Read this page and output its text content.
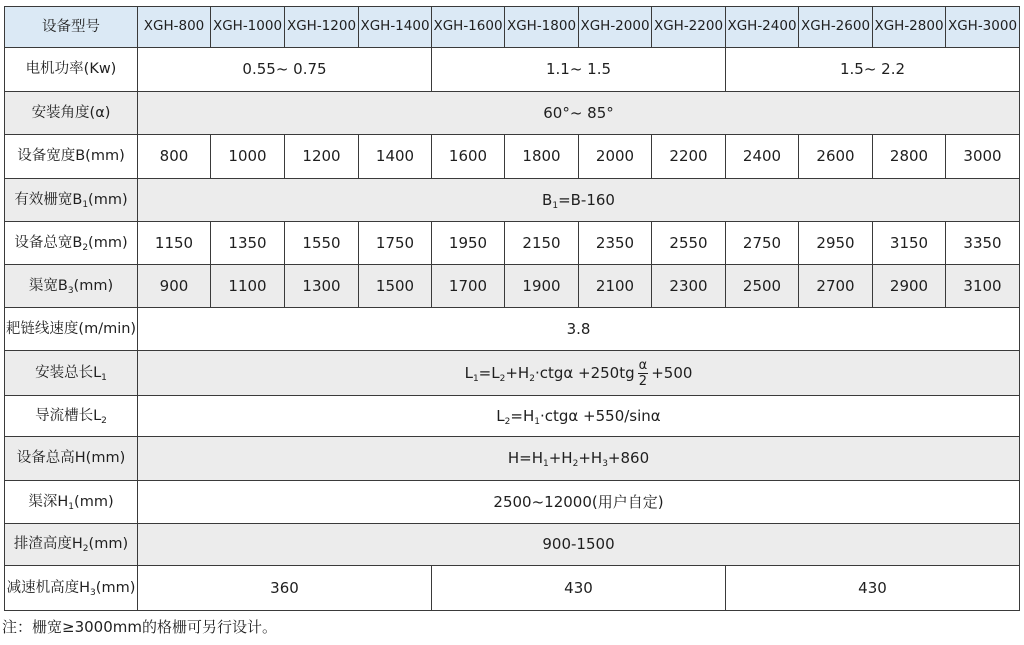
设备型号	XGH-800	XGH-1000	XGH-1200	XGH-1400	XGH-1600	XGH-1800	XGH-2000	XGH-2200	XGH-2400	XGH-2600	XGH-2800	XGH-3000
电机功率(Kw)	0.55~ 0.75				1.1~ 1.5				1.5~ 2.2			
安装角度(α)	60°~ 85°											
设备宽度B(mm)	800	1000	1200	1400	1600	1800	2000	2200	2400	2600	2800	3000
有效栅宽$B_1(mm)$	$B_1=B-160$											
设备总宽$B_2(mm)$	1150	1350	1550	1750	1950	2150	2350	2550	2750	2950	3150	3350
渠宽$B_3(mm)$	900	1100	1300	1500	1700	1900	2100	2300	2500	2700	2900	3100
耙链线速度(m/min)	3.8											
安装总长$L_1$	$L_1=L_2+H_2\cdot ctg\alpha +250tg \frac{\alpha}{2} +500$											
导流槽长$L_2$	$L_2=H_1\cdot ctg\alpha +550/\sin\alpha$											
设备总高H(mm)	$H=H_1+H_2+H_3+860$											
渠深$H_1(mm)$	2500~12000(用户自定)											
排渣高度$H_2(mm)$	900-1500											
减速机高度$H_3(mm)$	360				430				430			
注：栅宽≥3000mm的格栅可另行设计。
